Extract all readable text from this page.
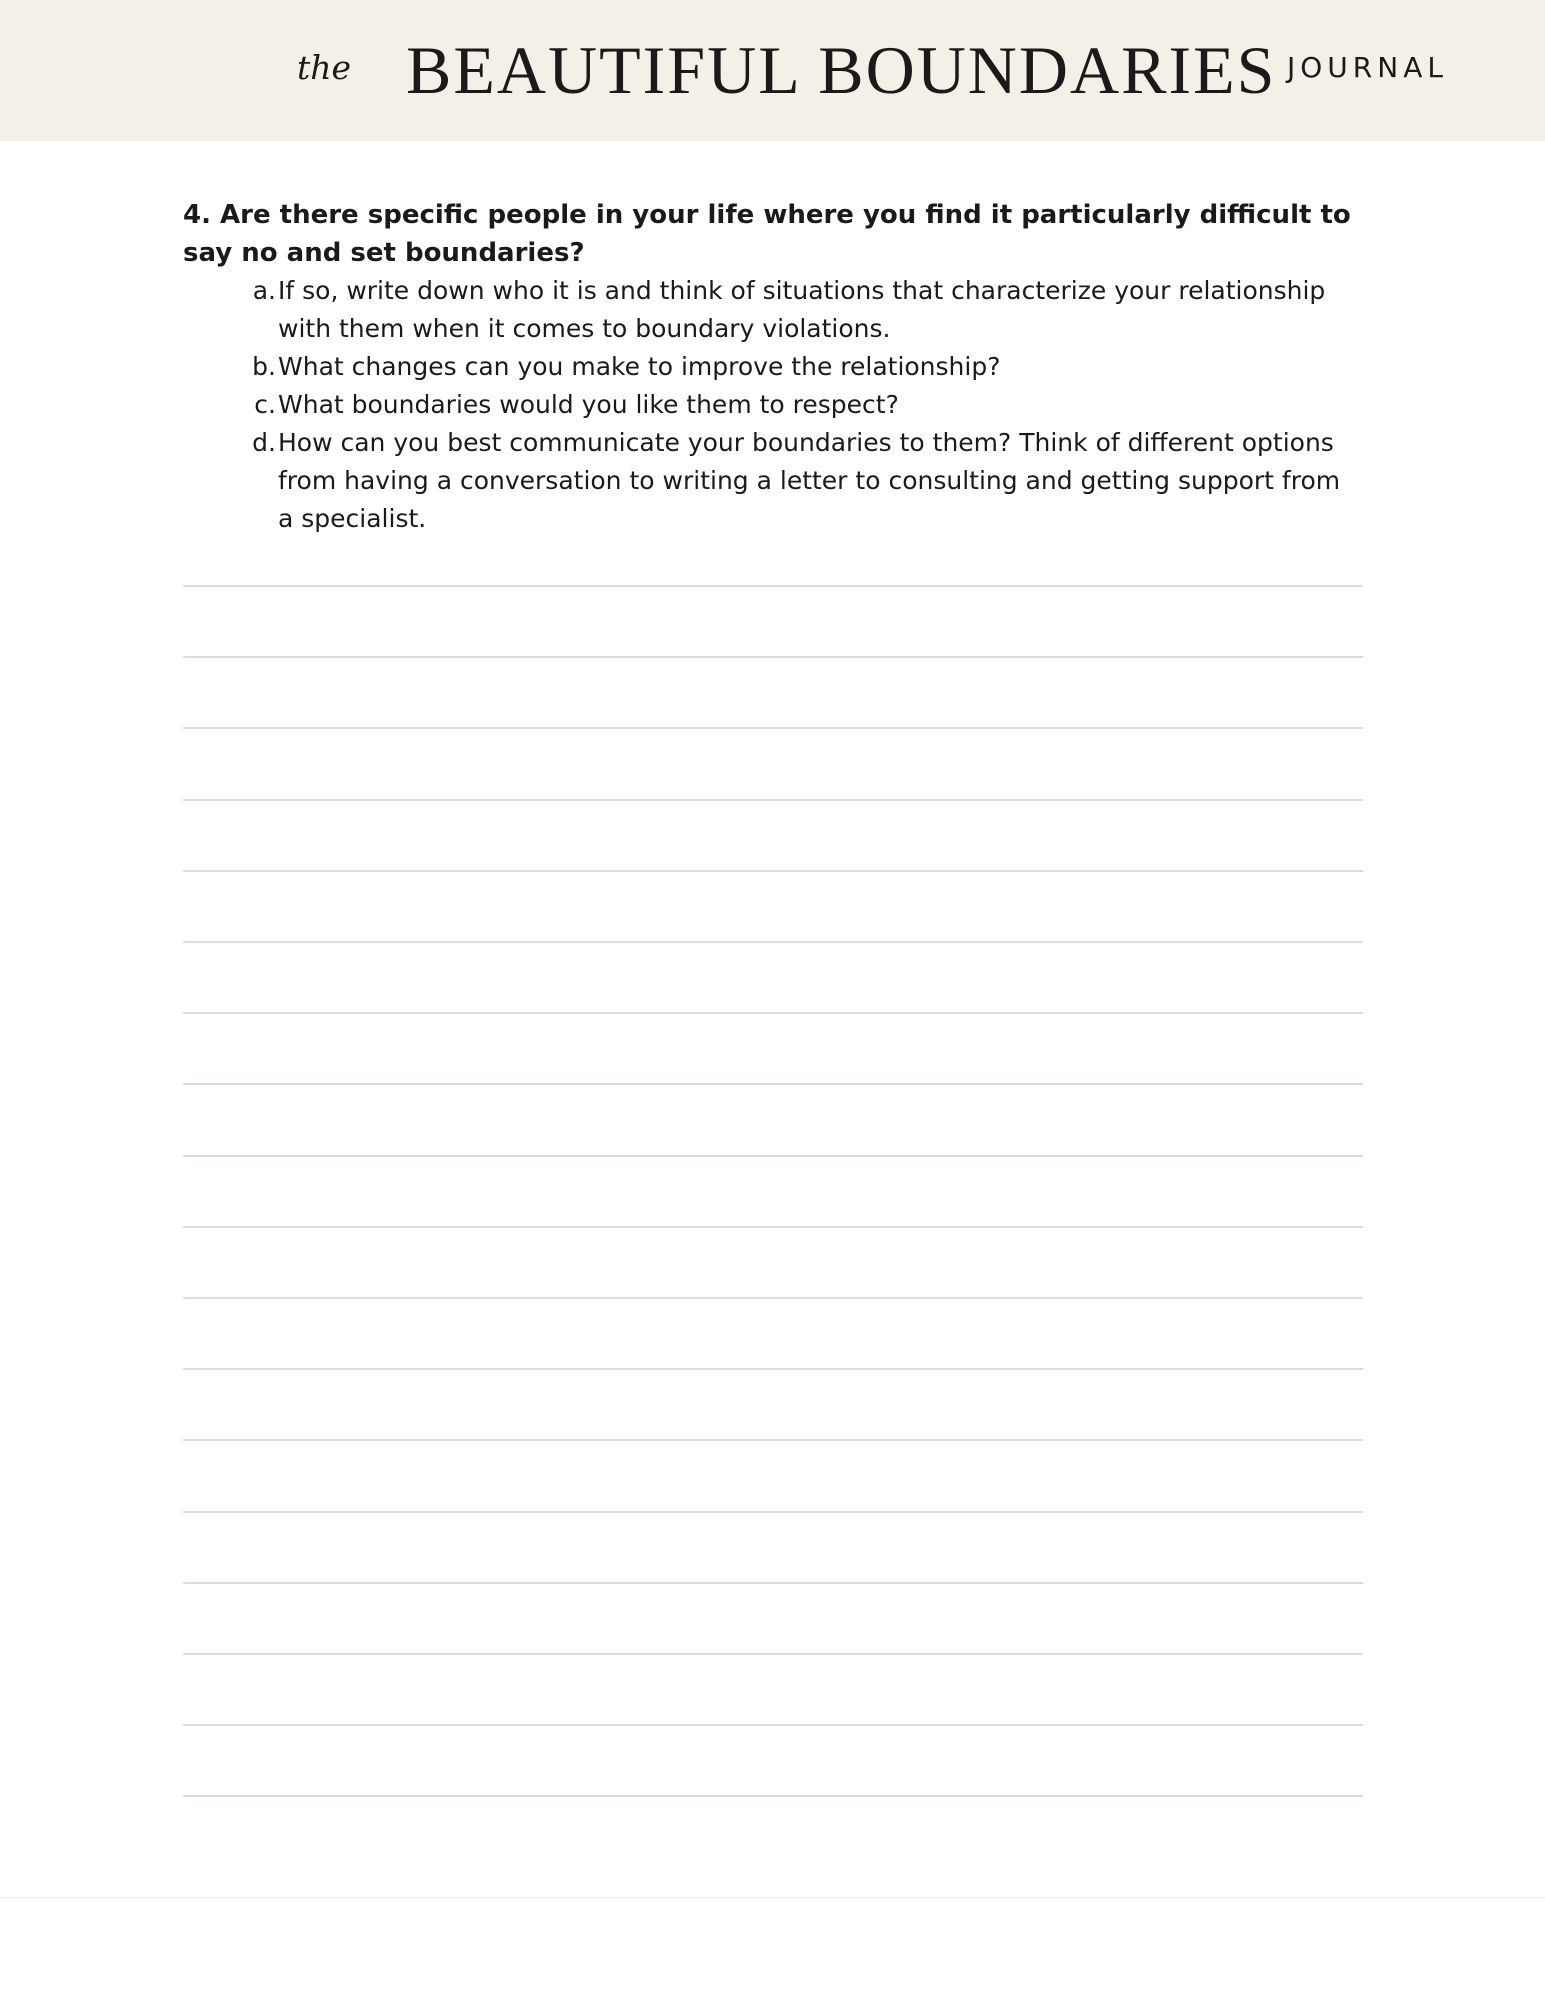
the BEAUTIFUL BOUNDARIES JOURNAL
4. Are there specific people in your life where you find it particularly difficult to say no and set boundaries?
a. If so, write down who it is and think of situations that characterize your relationship with them when it comes to boundary violations.
b. What changes can you make to improve the relationship?
c. What boundaries would you like them to respect?
d. How can you best communicate your boundaries to them? Think of different options from having a conversation to writing a letter to consulting and getting support from a specialist.
